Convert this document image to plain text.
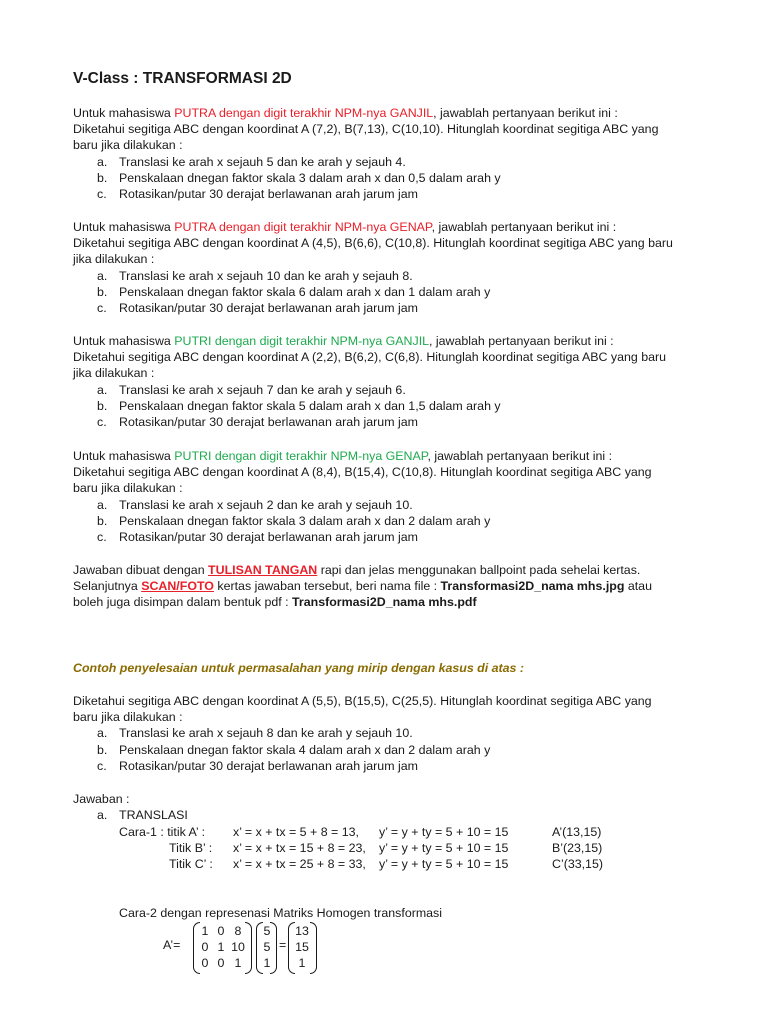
V-Class : TRANSFORMASI 2D

Untuk mahasiswa PUTRA dengan digit terakhir NPM-nya GANJIL, jawablah pertanyaan berikut ini :

Diketahui segitiga ABC dengan koordinat A (7,2), B(7,13), C(10,10). Hitunglah koordinat segitiga ABC yang

baru jika dilakukan :

a. Translasi ke arah x sejauh 5 dan ke arah y sejauh 4.
b. Penskalaan dnegan faktor skala 3 dalam arah x dan 0,5 dalam arah y
c. Rotasikan/putar 30 derajat berlawanan arah jarum jam

Untuk mahasiswa PUTRA dengan digit terakhir NPM-nya GENAP, jawablah pertanyaan berikut ini :

Diketahui segitiga ABC dengan koordinat A (4,5), B(6,6), C(10,8). Hitunglah koordinat segitiga ABC yang baru

jika dilakukan :

a. Translasi ke arah x sejauh 10 dan ke arah y sejauh 8.
b. Penskalaan dnegan faktor skala 6 dalam arah x dan 1 dalam arah y
c. Rotasikan/putar 30 derajat berlawanan arah jarum jam

Untuk mahasiswa PUTRI dengan digit terakhir NPM-nya GANJIL, jawablah pertanyaan berikut ini :

Diketahui segitiga ABC dengan koordinat A (2,2), B(6,2), C(6,8). Hitunglah koordinat segitiga ABC yang baru

jika dilakukan :

a. Translasi ke arah x sejauh 7 dan ke arah y sejauh 6.
b. Penskalaan dnegan faktor skala 5 dalam arah x dan 1,5 dalam arah y
c. Rotasikan/putar 30 derajat berlawanan arah jarum jam

Untuk mahasiswa PUTRI dengan digit terakhir NPM-nya GENAP, jawablah pertanyaan berikut ini :

Diketahui segitiga ABC dengan koordinat A (8,4), B(15,4), C(10,8). Hitunglah koordinat segitiga ABC yang

baru jika dilakukan :

a. Translasi ke arah x sejauh 2 dan ke arah y sejauh 10.
b. Penskalaan dnegan faktor skala 3 dalam arah x dan 2 dalam arah y
c. Rotasikan/putar 30 derajat berlawanan arah jarum jam

Jawaban dibuat dengan TULISAN TANGAN rapi dan jelas menggunakan ballpoint pada sehelai kertas.

Selanjutnya SCAN/FOTO kertas jawaban tersebut, beri nama file : Transformasi2D_nama mhs.jpg atau

boleh juga disimpan dalam bentuk pdf : Transformasi2D_nama mhs.pdf

Contoh penyelesaian untuk permasalahan yang mirip dengan kasus di atas :

Diketahui segitiga ABC dengan koordinat A (5,5), B(15,5), C(25,5). Hitunglah koordinat segitiga ABC yang

baru jika dilakukan :

a. Translasi ke arah x sejauh 8 dan ke arah y sejauh 10.
b. Penskalaan dnegan faktor skala 4 dalam arah x dan 2 dalam arah y
c. Rotasikan/putar 30 derajat berlawanan arah jarum jam
Jawaban :
a. TRANSLASI
Cara-1 : titik A’ : x’ = x + tx = 5 + 8 = 13, y’ = y + ty = 5 + 10 = 15	A’(13,15)
Titik B’ : x’ = x + tx = 15 + 8 = 23, y’ = y + ty = 5 + 10 = 15	B’(23,15)
Titik C’ : x’ = x + tx = 25 + 8 = 33, y’ = y + ty = 5 + 10 = 15	C’(33,15)
Cara-2 dengan represenasi Matriks Homogen transformasi
A’=
1 0 8
0 1 10
0 0 1
5
5
1
=
13
15
1
